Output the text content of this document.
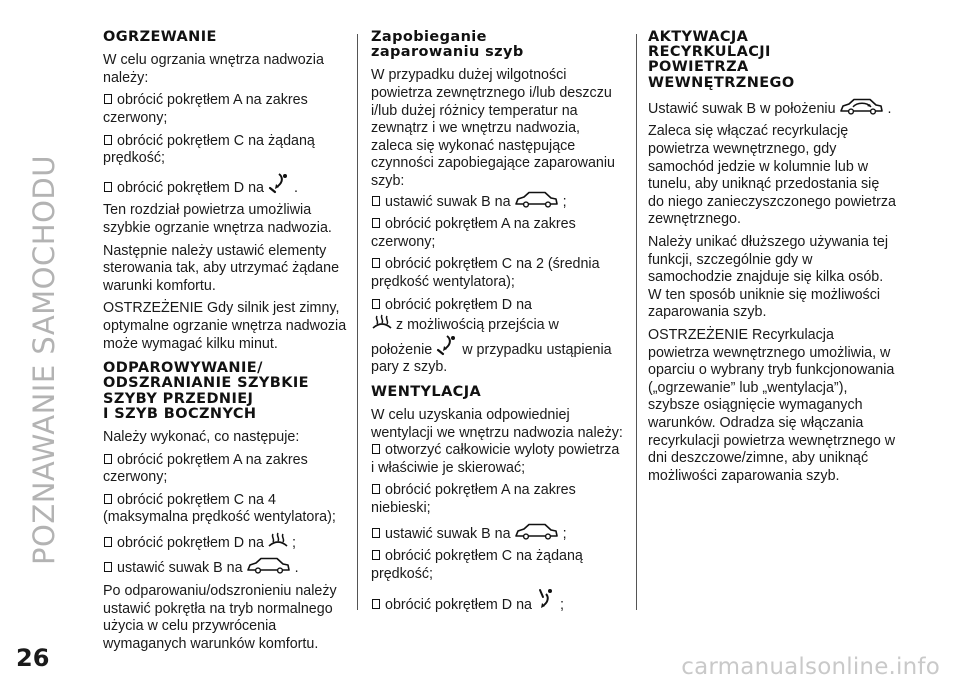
POZNAWANIE SAMOCHODU
OGRZEWANIE

W celu ogrzania wnętrza nadwozia należy:

obrócić pokrętłem A na zakres czerwony;

obrócić pokrętłem C na żądaną prędkość;

obrócić pokrętłem D na .

Ten rozdział powietrza umożliwia szybkie ogrzanie wnętrza nadwozia.

Następnie należy ustawić elementy sterowania tak, aby utrzymać żądane warunki komfortu.

OSTRZEŻENIE Gdy silnik jest zimny, optymalne ogrzanie wnętrza nadwozia może wymagać kilku minut.

ODPAROWYWANIE/
ODSZRANIANIE SZYBKIE
SZYBY PRZEDNIEJ
I SZYB BOCZNYCH

Należy wykonać, co następuje:

obrócić pokrętłem A na zakres czerwony;

obrócić pokrętłem C na 4 (maksymalna prędkość wentylatora);

obrócić pokrętłem D na ;

ustawić suwak B na	.

Po odparowaniu/odszronieniu należy ustawić pokrętła na tryb normalnego użycia w celu przywrócenia wymaganych warunków komfortu.

Zapobieganie
zaparowaniu szyb

W przypadku dużej wilgotności powietrza zewnętrznego i/lub deszczu i/lub dużej różnicy temperatur na zewnątrz i we wnętrzu nadwozia, zaleca się wykonać następujące czynności zapobiegające zaparowaniu szyb:

ustawić suwak B na	;

obrócić pokrętłem A na zakres czerwony;

obrócić pokrętłem C na 2 (średnia prędkość wentylatora);

obrócić pokrętłem D na
z możliwością przejścia w położenie w przypadku ustąpienia pary z szyb.

WENTYLACJA

W celu uzyskania odpowiedniej wentylacji we wnętrzu nadwozia należy:

otworzyć całkowicie wyloty powietrza i właściwie je skierować;

obrócić pokrętłem A na zakres niebieski;

ustawić suwak B na	;

obrócić pokrętłem C na żądaną prędkość;

obrócić pokrętłem D na ;

AKTYWACJA
RECYRKULACJI
POWIETRZA
WEWNĘTRZNEGO

Ustawić suwak B w położeniu	.

Zaleca się włączać recyrkulację powietrza wewnętrznego, gdy samochód jedzie w kolumnie lub w tunelu, aby uniknąć przedostania się do niego zanieczyszczonego powietrza zewnętrznego.

Należy unikać dłuższego używania tej funkcji, szczególnie gdy w samochodzie znajduje się kilka osób. W ten sposób uniknie się możliwości zaparowania szyb.

OSTRZEŻENIE Recyrkulacja powietrza wewnętrznego umożliwia, w oparciu o wybrany tryb funkcjonowania („ogrzewanie” lub „wentylacja”), szybsze osiągnięcie wymaganych warunków. Odradza się włączania recyrkulacji powietrza wewnętrznego w dni deszczowe/zimne, aby uniknąć możliwości zaparowania szyb.

26	carmanualsonline.info
